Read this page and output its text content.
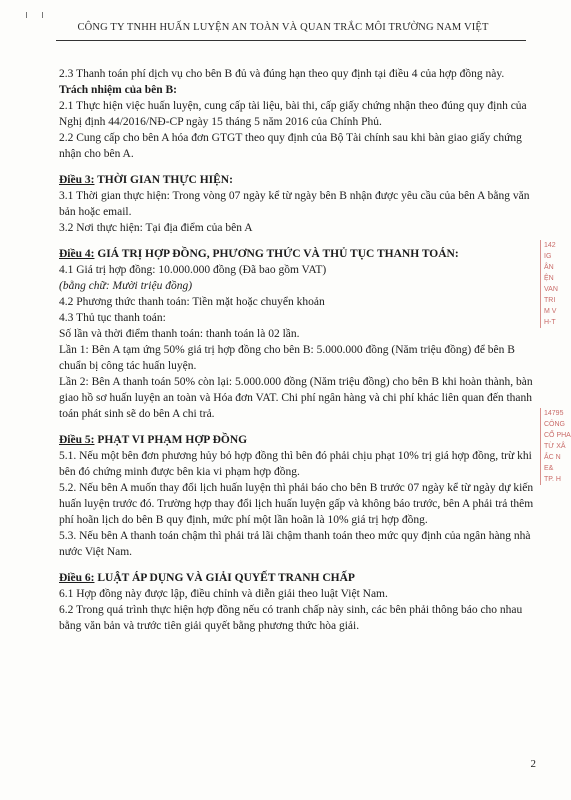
CÔNG TY TNHH HUẤN LUYỆN AN TOÀN VÀ QUAN TRẮC MÔI TRƯỜNG NAM VIỆT

2.3 Thanh toán phí dịch vụ cho bên B đủ và đúng hạn theo quy định tại điều 4 của hợp đồng này.

Trách nhiệm của bên B:

2.1 Thực hiện việc huấn luyện, cung cấp tài liệu, bài thi, cấp giấy chứng nhận theo đúng quy định của Nghị định 44/2016/NĐ-CP ngày 15 tháng 5 năm 2016 của Chính Phủ.

2.2 Cung cấp cho bên A hóa đơn GTGT theo quy định của Bộ Tài chính sau khi bàn giao giấy chứng nhận cho bên A.

Điều 3: THỜI GIAN THỰC HIỆN:

3.1 Thời gian thực hiện: Trong vòng 07 ngày kể từ ngày bên B nhận được yêu cầu của bên A bằng văn bản hoặc email.

3.2 Nơi thực hiện: Tại địa điểm của bên A

Điều 4: GIÁ TRỊ HỢP ĐỒNG, PHƯƠNG THỨC VÀ THỦ TỤC THANH TOÁN:

4.1 Giá trị hợp đồng: 10.000.000 đồng (Đã bao gồm VAT)

(bằng chữ: Mười triệu đồng)

4.2 Phương thức thanh toán: Tiền mặt hoặc chuyển khoản

4.3 Thủ tục thanh toán:

Số lần và thời điểm thanh toán: thanh toán là 02 lần.

Lần 1: Bên A tạm ứng 50% giá trị hợp đồng cho bên B: 5.000.000 đồng (Năm triệu đồng) để bên B chuẩn bị công tác huấn luyện.

Lần 2: Bên A thanh toán 50% còn lại: 5.000.000 đồng (Năm triệu đồng) cho bên B khi hoàn thành, bàn giao hồ sơ huấn luyện an toàn và Hóa đơn VAT. Chi phí ngân hàng và chi phí khác liên quan đến thanh toán phát sinh sẽ do bên A chi trả.

Điều 5: PHẠT VI PHẠM HỢP ĐỒNG

5.1. Nếu một bên đơn phương hủy bỏ hợp đồng thì bên đó phải chịu phạt 10% trị giá hợp đồng, trừ khi bên đó chứng minh được bên kia vi phạm hợp đồng.

5.2. Nếu bên A muốn thay đổi lịch huấn luyện thì phải báo cho bên B trước 07 ngày kể từ ngày dự kiến huấn luyện trước đó. Trường hợp thay đổi lịch huấn luyện gấp và không báo trước, bên A phải trả thêm phí hoãn lịch do bên B quy định, mức phí một lần hoãn là 10% giá trị hợp đồng.

5.3. Nếu bên A thanh toán chậm thì phải trả lãi chậm thanh toán theo mức quy định của ngân hàng nhà nước Việt Nam.

Điều 6: LUẬT ÁP DỤNG VÀ GIẢI QUYẾT TRANH CHẤP

6.1 Hợp đồng này được lập, điều chỉnh và diễn giải theo luật Việt Nam.

6.2 Trong quá trình thực hiện hợp đồng nếu có tranh chấp này sinh, các bên phải thông báo cho nhau bằng văn bản và trước tiên giải quyết bằng phương thức hòa giải.

142
IG
ÂN
ỆN
VAN
TRI
M V
H-T
14795
CÔNG
CỔ PHA
TỪ XÂ
ẮC N
E&
TP. H
2
